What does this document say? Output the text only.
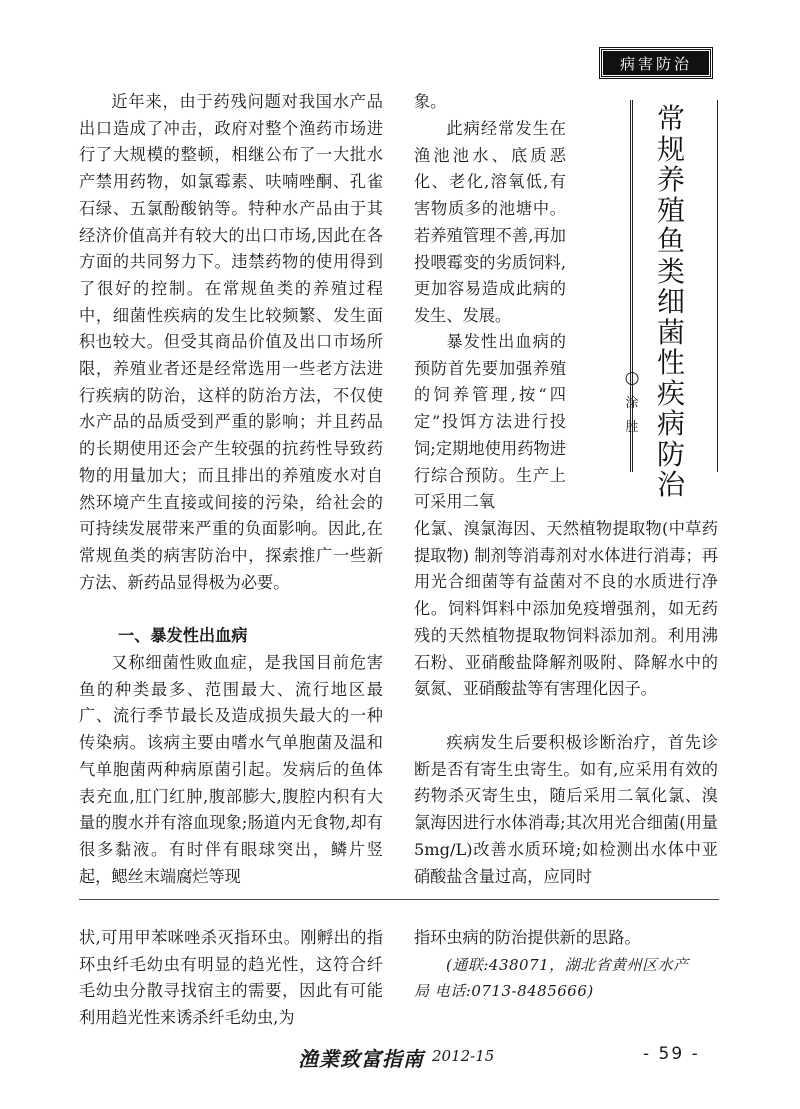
病害防治

常规养殖鱼类细菌性疾病防治

○

涂 胜

近年来，由于药残问题对我国水产品出口造成了冲击，政府对整个渔药市场进行了大规模的整顿，相继公布了一大批水产禁用药物，如氯霉素、呋喃唑酮、孔雀石绿、五氯酚酸钠等。特种水产品由于其经济价值高并有较大的出口市场,因此在各方面的共同努力下。违禁药物的使用得到了很好的控制。在常规鱼类的养殖过程中，细菌性疾病的发生比较频繁、发生面积也较大。但受其商品价值及出口市场所限，养殖业者还是经常选用一些老方法进行疾病的防治，这样的防治方法，不仅使水产品的品质受到严重的影响；并且药品的长期使用还会产生较强的抗药性导致药物的用量加大；而且排出的养殖废水对自然环境产生直接或间接的污染，给社会的可持续发展带来严重的负面影响。因此,在常规鱼类的病害防治中，探索推广一些新方法、新药品显得极为必要。

一、暴发性出血病

又称细菌性败血症，是我国目前危害鱼的种类最多、范围最大、流行地区最广、流行季节最长及造成损失最大的一种传染病。该病主要由嗜水气单胞菌及温和气单胞菌两种病原菌引起。发病后的鱼体表充血,肛门红肿,腹部膨大,腹腔内积有大量的腹水并有溶血现象;肠道内无食物,却有很多黏液。有时伴有眼球突出，鳞片竖起，鳃丝末端腐烂等现

象。

此病经常发生在渔池池水、底质恶化、老化,溶氧低,有害物质多的池塘中。若养殖管理不善,再加投喂霉变的劣质饲料,更加容易造成此病的发生、发展。

暴发性出血病的预防首先要加强养殖的饲养管理,按“四定”投饵方法进行投饲;定期地使用药物进行综合预防。生产上可采用二氧

化氯、溴氯海因、天然植物提取物(中草药提取物) 制剂等消毒剂对水体进行消毒；再用光合细菌等有益菌对不良的水质进行净化。饲料饵料中添加免疫增强剂，如无药残的天然植物提取物饲料添加剂。利用沸石粉、亚硝酸盐降解剂吸附、降解水中的氨氮、亚硝酸盐等有害理化因子。

疾病发生后要积极诊断治疗，首先诊断是否有寄生虫寄生。如有,应采用有效的药物杀灭寄生虫，随后采用二氧化氯、溴氯海因进行水体消毒;其次用光合细菌(用量 5mg/L)改善水质环境;如检测出水体中亚硝酸盐含量过高，应同时

状,可用甲苯咪唑杀灭指环虫。刚孵出的指环虫纤毛幼虫有明显的趋光性，这符合纤毛幼虫分散寻找宿主的需要，因此有可能利用趋光性来诱杀纤毛幼虫,为

指环虫病的防治提供新的思路。

(通联:438071，湖北省黄州区水产

局 电话:0713-8485666)

渔業致富指南 2012-15	- 59 -
